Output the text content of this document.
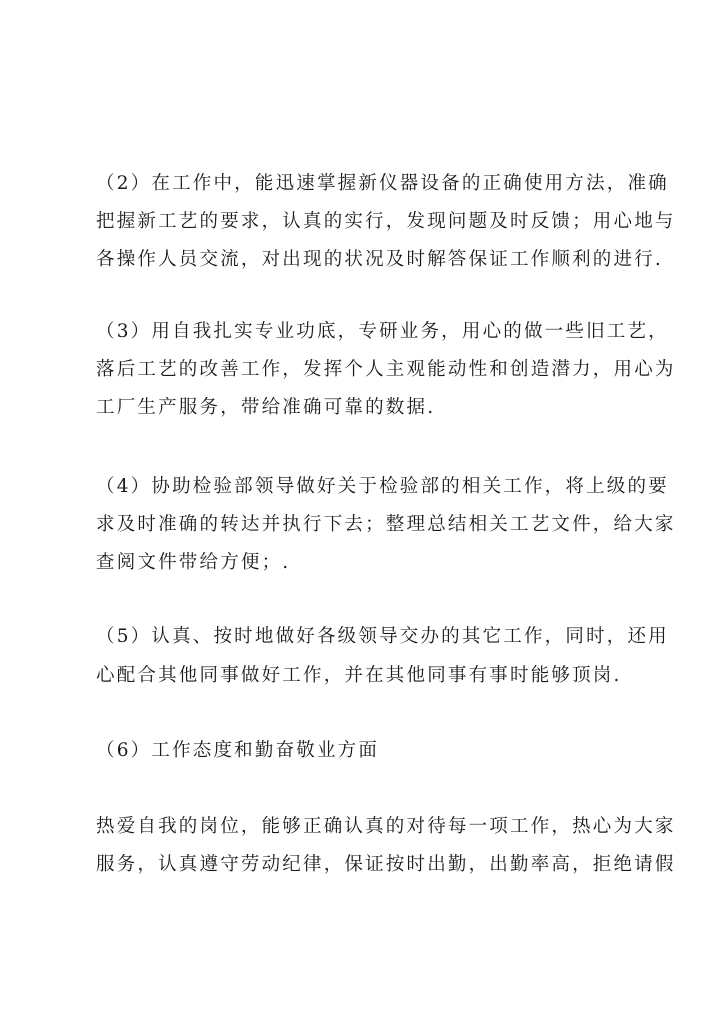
（2）在工作中，能迅速掌握新仪器设备的正确使用方法，准确
把握新工艺的要求，认真的实行，发现问题及时反馈；用心地与
各操作人员交流，对出现的状况及时解答保证工作顺利的进行.
（3）用自我扎实专业功底，专研业务，用心的做一些旧工艺，
落后工艺的改善工作，发挥个人主观能动性和创造潜力，用心为
工厂生产服务，带给准确可靠的数据.
（4）协助检验部领导做好关于检验部的相关工作，将上级的要
求及时准确的转达并执行下去；整理总结相关工艺文件，给大家
查阅文件带给方便；.
（5）认真、按时地做好各级领导交办的其它工作，同时，还用
心配合其他同事做好工作，并在其他同事有事时能够顶岗.
（6）工作态度和勤奋敬业方面
热爱自我的岗位，能够正确认真的对待每一项工作，热心为大家
服务，认真遵守劳动纪律，保证按时出勤，出勤率高，拒绝请假
